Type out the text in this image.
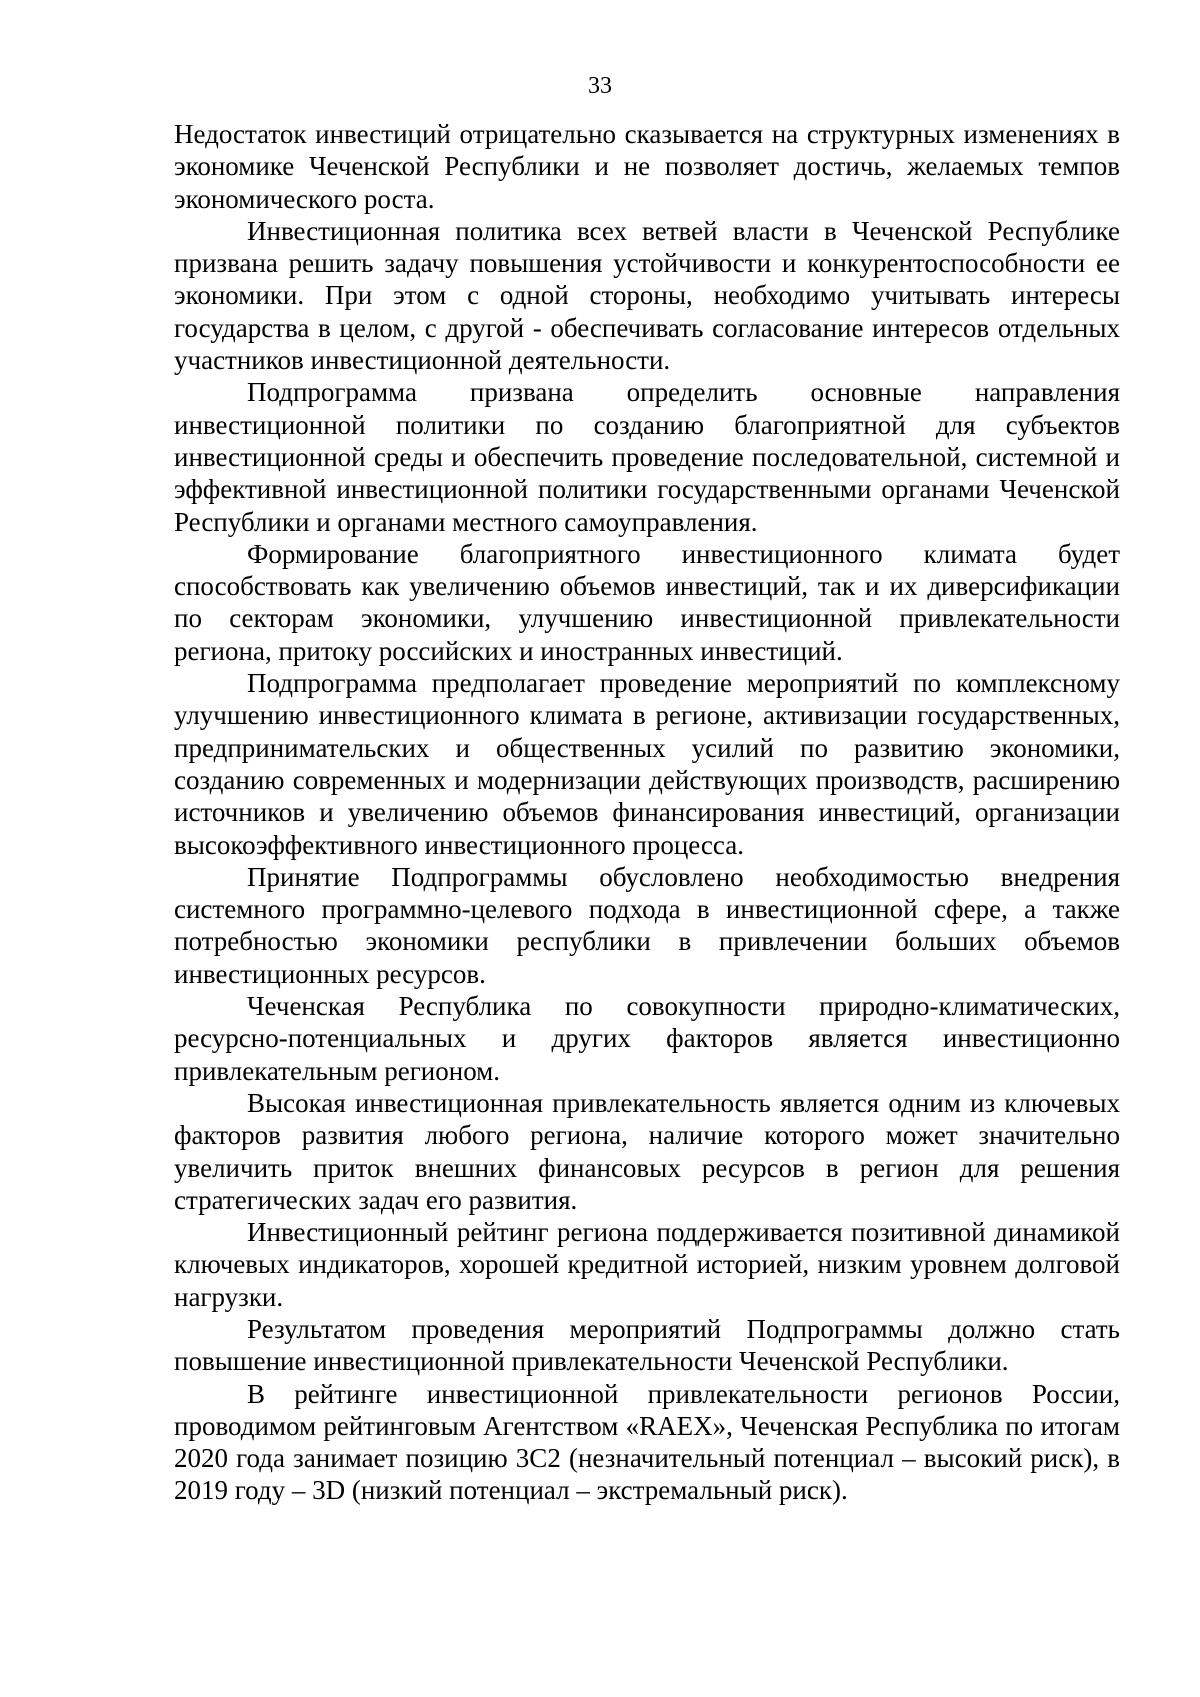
33

Недостаток инвестиций отрицательно сказывается на структурных изменениях в экономике Чеченской Республики и не позволяет достичь, желаемых темпов экономического роста.

Инвестиционная политика всех ветвей власти в Чеченской Республике призвана решить задачу повышения устойчивости и конкурентоспособности ее экономики. При этом с одной стороны, необходимо учитывать интересы государства в целом, с другой - обеспечивать согласование интересов отдельных участников инвестиционной деятельности.

Подпрограмма призвана определить основные направления инвестиционной политики по созданию благоприятной для субъектов инвестиционной среды и обеспечить проведение последовательной, системной и эффективной инвестиционной политики государственными органами Чеченской Республики и органами местного самоуправления.

Формирование благоприятного инвестиционного климата будет способствовать как увеличению объемов инвестиций, так и их диверсификации по секторам экономики, улучшению инвестиционной привлекательности региона, притоку российских и иностранных инвестиций.

Подпрограмма предполагает проведение мероприятий по комплексному улучшению инвестиционного климата в регионе, активизации государственных, предпринимательских и общественных усилий по развитию экономики, созданию современных и модернизации действующих производств, расширению источников и увеличению объемов финансирования инвестиций, организации высокоэффективного инвестиционного процесса.

Принятие Подпрограммы обусловлено необходимостью внедрения системного программно-целевого подхода в инвестиционной сфере, а также потребностью экономики республики в привлечении больших объемов инвестиционных ресурсов.

Чеченская Республика по совокупности природно-климатических, ресурсно-потенциальных и других факторов является инвестиционно привлекательным регионом.

Высокая инвестиционная привлекательность является одним из ключевых факторов развития любого региона, наличие которого может значительно увеличить приток внешних финансовых ресурсов в регион для решения стратегических задач его развития.

Инвестиционный рейтинг региона поддерживается позитивной динамикой ключевых индикаторов, хорошей кредитной историей, низким уровнем долговой нагрузки.

Результатом проведения мероприятий Подпрограммы должно стать повышение инвестиционной привлекательности Чеченской Республики.

В рейтинге инвестиционной привлекательности регионов России, проводимом рейтинговым Агентством «RAEX», Чеченская Республика по итогам 2020 года занимает позицию 3С2 (незначительный потенциал – высокий риск), в 2019 году – 3D (низкий потенциал – экстремальный риск).
